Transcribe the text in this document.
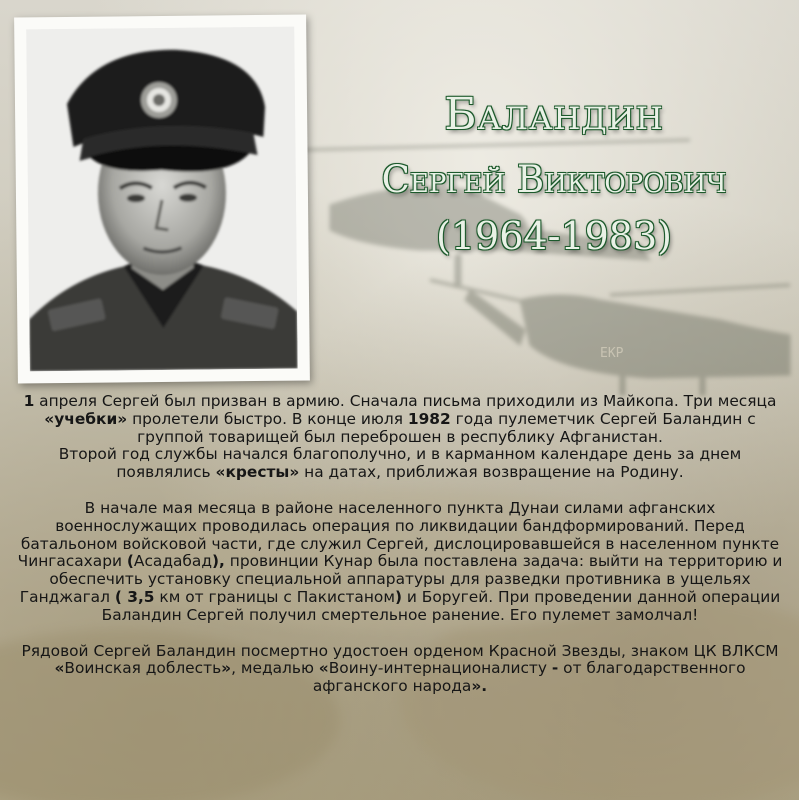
EKP
Баландин
Сергей Викторович
(1964-1983)

1 апреля Сергей был призван в армию. Сначала письма приходили из Майкопа. Три месяца «учебки» пролетели быстро. В конце июля 1982 года пулеметчик Сергей Баландин с группой товарищей был переброшен в республику Афганистан.

Второй год службы начался благополучно, и в карманном календаре день за днем появлялись «кресты» на датах, приближая возвращение на Родину.

В начале мая месяца в районе населенного пункта Дунаи силами афганских военнослужащих проводилась операция по ликвидации бандформирований. Перед батальоном войсковой части, где служил Сергей, дислоцировавшейся в населенном пункте Чингасахари (Асадабад), провинции Кунар была поставлена задача: выйти на территорию и обеспечить установку специальной аппаратуры для разведки противника в ущельях Ганджагал ( 3,5 км от границы с Пакистаном) и Боругей. При проведении данной операции Баландин Сергей получил смертельное ранение. Его пулемет замолчал!

Рядовой Сергей Баландин посмертно удостоен орденом Красной Звезды, знаком ЦК ВЛКСМ «Воинская доблесть», медалью «Воину-интернационалисту - от благодарственного афганского народа».
